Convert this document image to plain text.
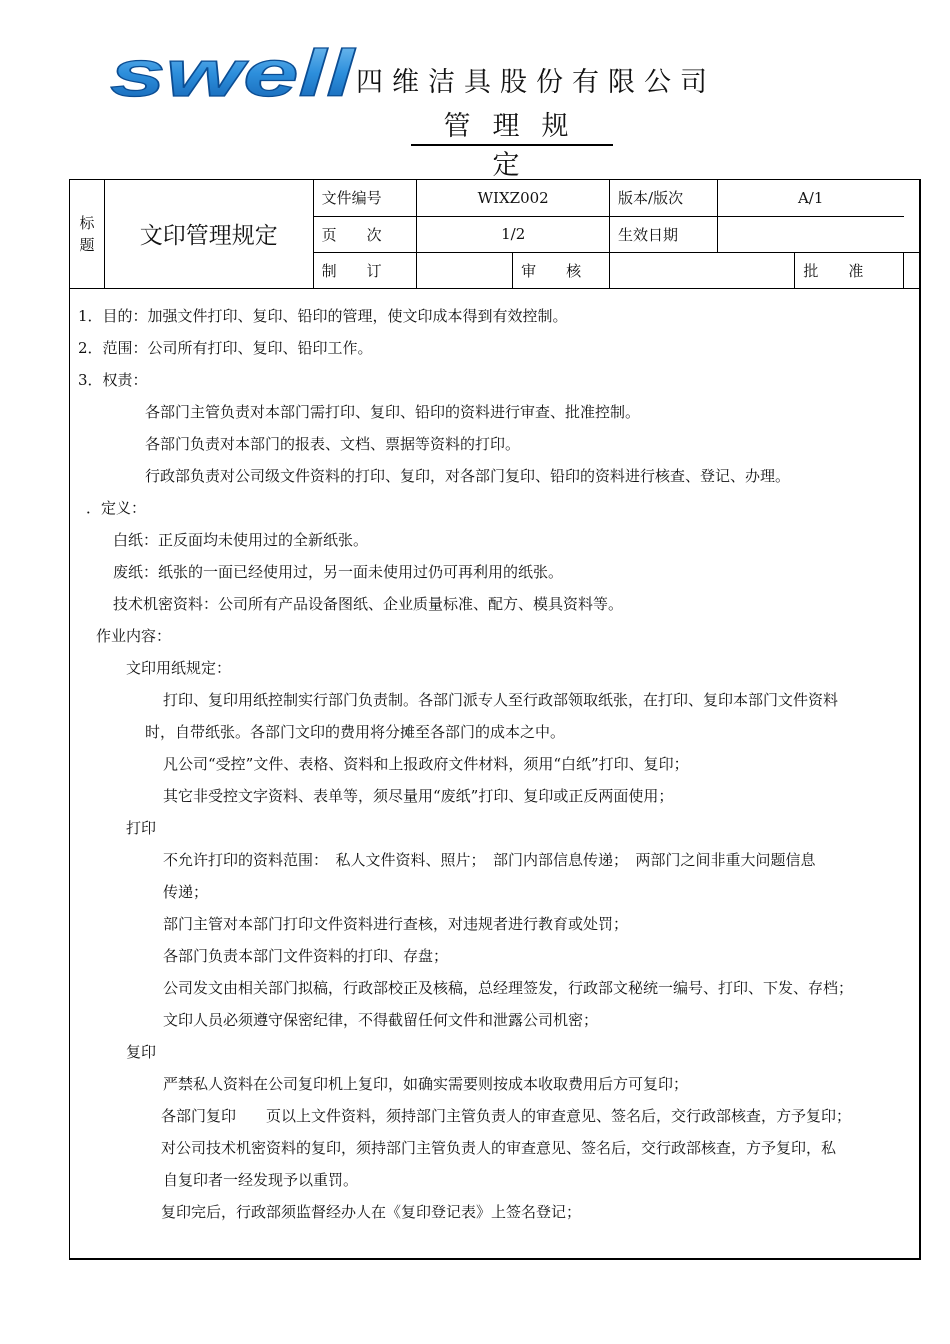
swell 四维洁具股份有限公司
管理规定
标
题	文印管理规定	文件编号	WIXZ002		版本/版次	A/1		
		页　　次	1/2		生效日期			
		制　　订		审　　核			批　　准	
1．目的：加强文件打印、复印、铅印的管理，使文印成本得到有效控制。
2．范围：公司所有打印、复印、铅印工作。
3．权责：
各部门主管负责对本部门需打印、复印、铅印的资料进行审查、批准控制。
各部门负责对本部门的报表、文档、票据等资料的打印。
行政部负责对公司级文件资料的打印、复印，对各部门复印、铅印的资料进行核查、登记、办理。
．定义：
白纸：正反面均未使用过的全新纸张。
废纸：纸张的一面已经使用过，另一面未使用过仍可再利用的纸张。
技术机密资料：公司所有产品设备图纸、企业质量标准、配方、模具资料等。
作业内容：
文印用纸规定：
打印、复印用纸控制实行部门负责制。各部门派专人至行政部领取纸张，在打印、复印本部门文件资料
时，自带纸张。各部门文印的费用将分摊至各部门的成本之中。
凡公司“受控”文件、表格、资料和上报政府文件材料，须用“白纸”打印、复印；
其它非受控文字资料、表单等，须尽量用“废纸”打印、复印或正反两面使用；
打印
不允许打印的资料范围：　私人文件资料、照片；　部门内部信息传递；　两部门之间非重大问题信息
传递；
部门主管对本部门打印文件资料进行查核，对违规者进行教育或处罚；
各部门负责本部门文件资料的打印、存盘；
公司发文由相关部门拟稿，行政部校正及核稿，总经理签发，行政部文秘统一编号、打印、下发、存档；
文印人员必须遵守保密纪律，不得截留任何文件和泄露公司机密；
复印
严禁私人资料在公司复印机上复印，如确实需要则按成本收取费用后方可复印；
各部门复印　　页以上文件资料，须持部门主管负责人的审查意见、签名后，交行政部核查，方予复印；
对公司技术机密资料的复印，须持部门主管负责人的审查意见、签名后，交行政部核查，方予复印，私
自复印者一经发现予以重罚。
复印完后，行政部须监督经办人在《复印登记表》上签名登记；
